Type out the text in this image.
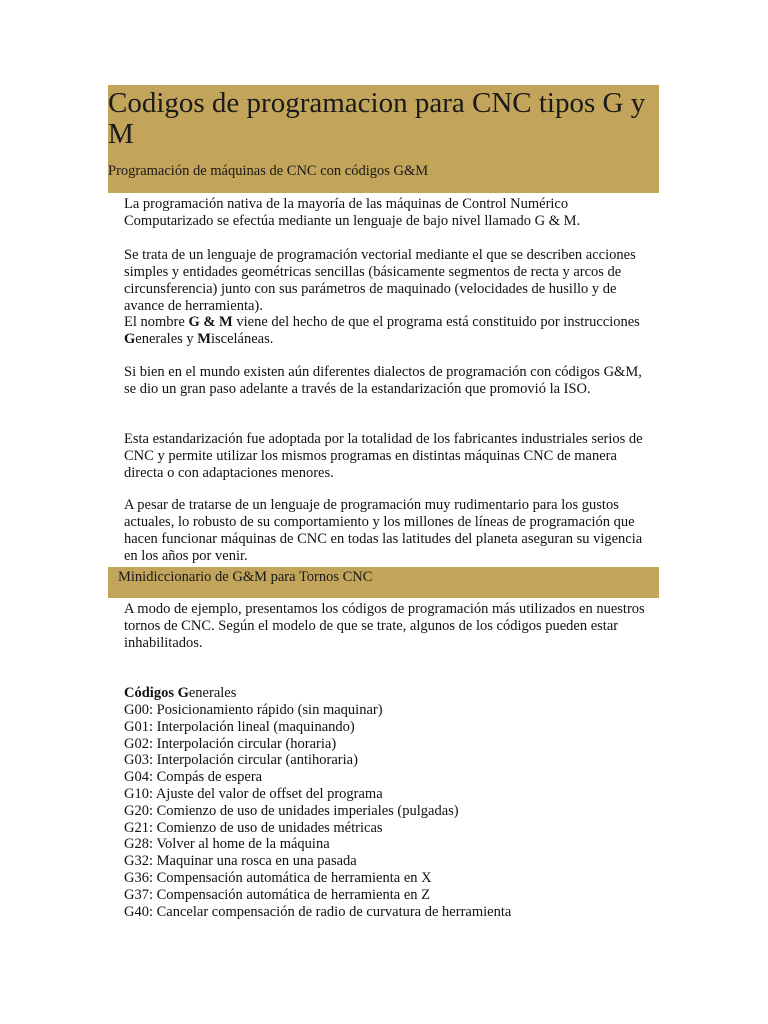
Codigos de programacion para CNC tipos G y M

Programación de máquinas de CNC con códigos G&M

La programación nativa de la mayoría de las máquinas de Control Numérico Computarizado se efectúa mediante un lenguaje de bajo nivel llamado G & M.

Se trata de un lenguaje de programación vectorial mediante el que se describen acciones simples y entidades geométricas sencillas (básicamente segmentos de recta y arcos de circunsferencia) junto con sus parámetros de maquinado (velocidades de husillo y de avance de herramienta).

El nombre G & M viene del hecho de que el programa está constituido por instrucciones Generales y Misceláneas.

Si bien en el mundo existen aún diferentes dialectos de programación con códigos G&M, se dio un gran paso adelante a través de la estandarización que promovió la ISO.

Esta estandarización fue adoptada por la totalidad de los fabricantes industriales serios de CNC y permite utilizar los mismos programas en distintas máquinas CNC de manera directa o con adaptaciones menores.

A pesar de tratarse de un lenguaje de programación muy rudimentario para los gustos actuales, lo robusto de su comportamiento y los millones de líneas de programación que hacen funcionar máquinas de CNC en todas las latitudes del planeta aseguran su vigencia en los años por venir.

Minidiccionario de G&M para Tornos CNC

A modo de ejemplo, presentamos los códigos de programación más utilizados en nuestros tornos de CNC. Según el modelo de que se trate, algunos de los códigos pueden estar inhabilitados.

Códigos Generales

G00: Posicionamiento rápido (sin maquinar)
G01: Interpolación lineal (maquinando)
G02: Interpolación circular (horaria)
G03: Interpolación circular (antihoraria)
G04: Compás de espera
G10: Ajuste del valor de offset del programa
G20: Comienzo de uso de unidades imperiales (pulgadas)
G21: Comienzo de uso de unidades métricas
G28: Volver al home de la máquina
G32: Maquinar una rosca en una pasada
G36: Compensación automática de herramienta en X
G37: Compensación automática de herramienta en Z
G40: Cancelar compensación de radio de curvatura de herramienta
